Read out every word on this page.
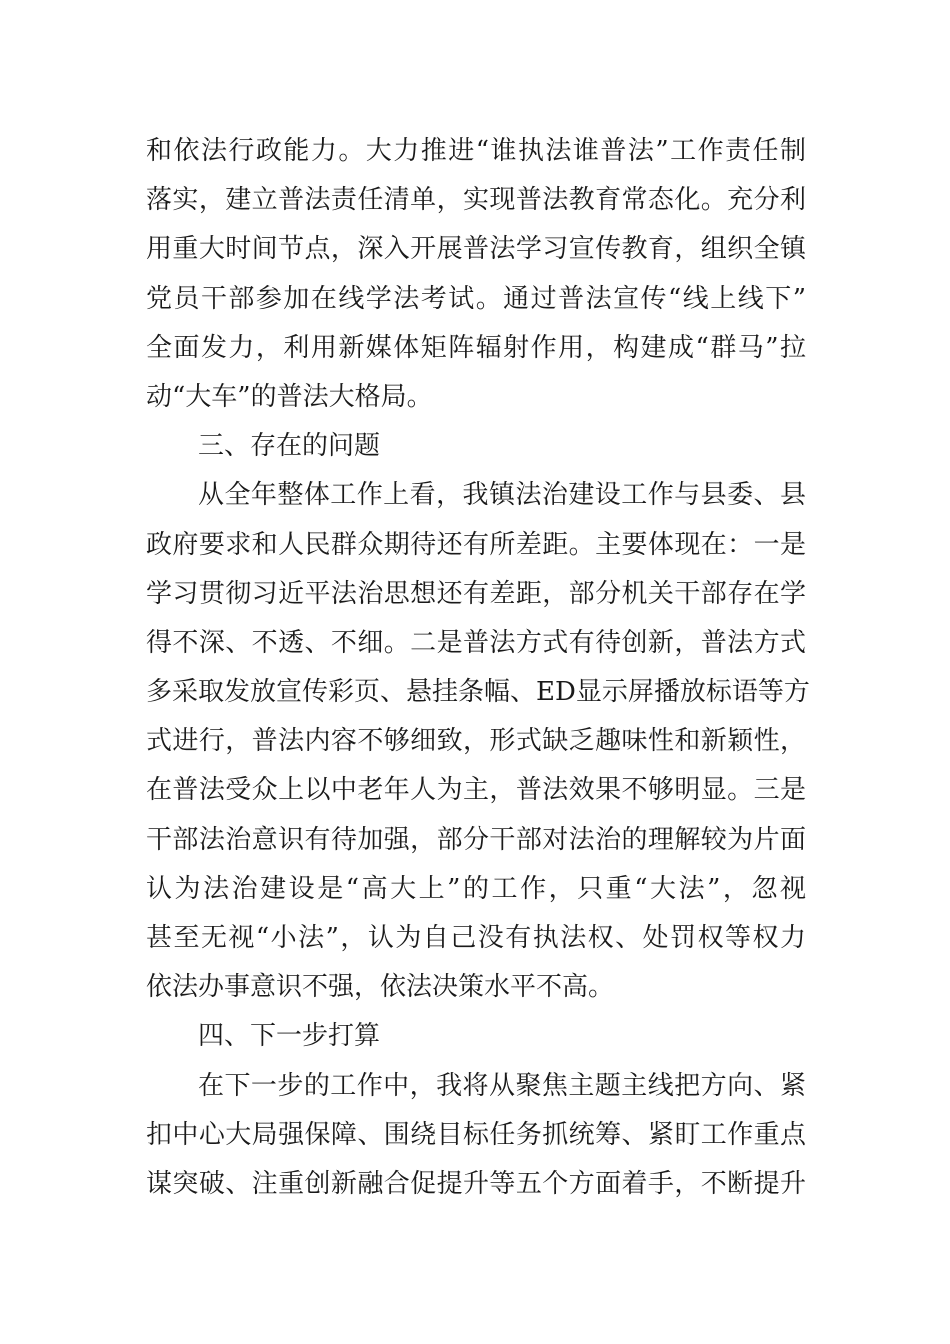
和依法行政能力。大力推进“谁执法谁普法”工作责任制
落实，建立普法责任清单，实现普法教育常态化。充分利
用重大时间节点，深入开展普法学习宣传教育，组织全镇
党员干部参加在线学法考试。通过普法宣传“线上线下”
全面发力，利用新媒体矩阵辐射作用，构建成“群马”拉
动“大车”的普法大格局。
三、存在的问题
从全年整体工作上看，我镇法治建设工作与县委、县
政府要求和人民群众期待还有所差距。主要体现在：一是
学习贯彻习近平法治思想还有差距，部分机关干部存在学
得不深、不透、不细。二是普法方式有待创新，普法方式
多采取发放宣传彩页、悬挂条幅、ED显示屏播放标语等方
式进行，普法内容不够细致，形式缺乏趣味性和新颖性，
在普法受众上以中老年人为主，普法效果不够明显。三是
干部法治意识有待加强，部分干部对法治的理解较为片面
认为法治建设是“高大上”的工作，只重“大法”，忽视
甚至无视“小法”，认为自己没有执法权、处罚权等权力
依法办事意识不强，依法决策水平不高。
四、下一步打算
在下一步的工作中，我将从聚焦主题主线把方向、紧
扣中心大局强保障、围绕目标任务抓统筹、紧盯工作重点
谋突破、注重创新融合促提升等五个方面着手，不断提升
